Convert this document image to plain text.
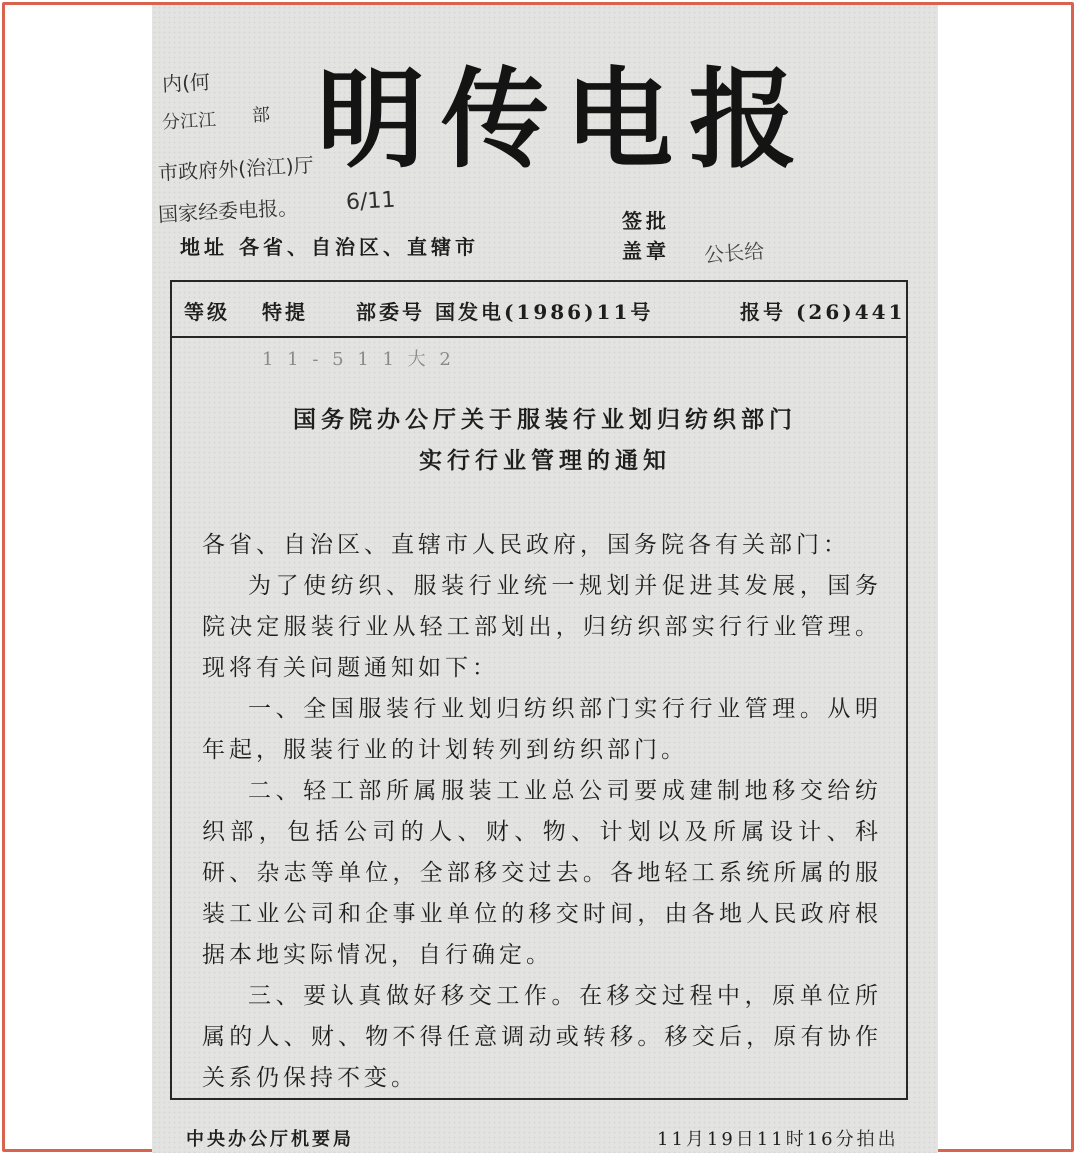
内(何
分江江 部
市政府外(治江)厅
国家经委电报。 6/11
明传电报
地址 各省、自治区、直辖市
签批
盖章 公长给
等级 特提 部委号 国发电(1986)11号	报号 (26)441
1 1 - 5 1 1 大 2
国务院办公厅关于服装行业划归纺织部门
实行行业管理的通知

各省、自治区、直辖市人民政府，国务院各有关部门：

为了使纺织、服装行业统一规划并促进其发展，国务院决定服装行业从轻工部划出，归纺织部实行行业管理。现将有关问题通知如下：

一、全国服装行业划归纺织部门实行行业管理。从明年起，服装行业的计划转列到纺织部门。

二、轻工部所属服装工业总公司要成建制地移交给纺织部，包括公司的人、财、物、计划以及所属设计、科研、杂志等单位，全部移交过去。各地轻工系统所属的服装工业公司和企事业单位的移交时间，由各地人民政府根据本地实际情况，自行确定。

三、要认真做好移交工作。在移交过程中，原单位所属的人、财、物不得任意调动或转移。移交后，原有协作关系仍保持不变。

中央办公厅机要局	11月19日11时16分拍出
